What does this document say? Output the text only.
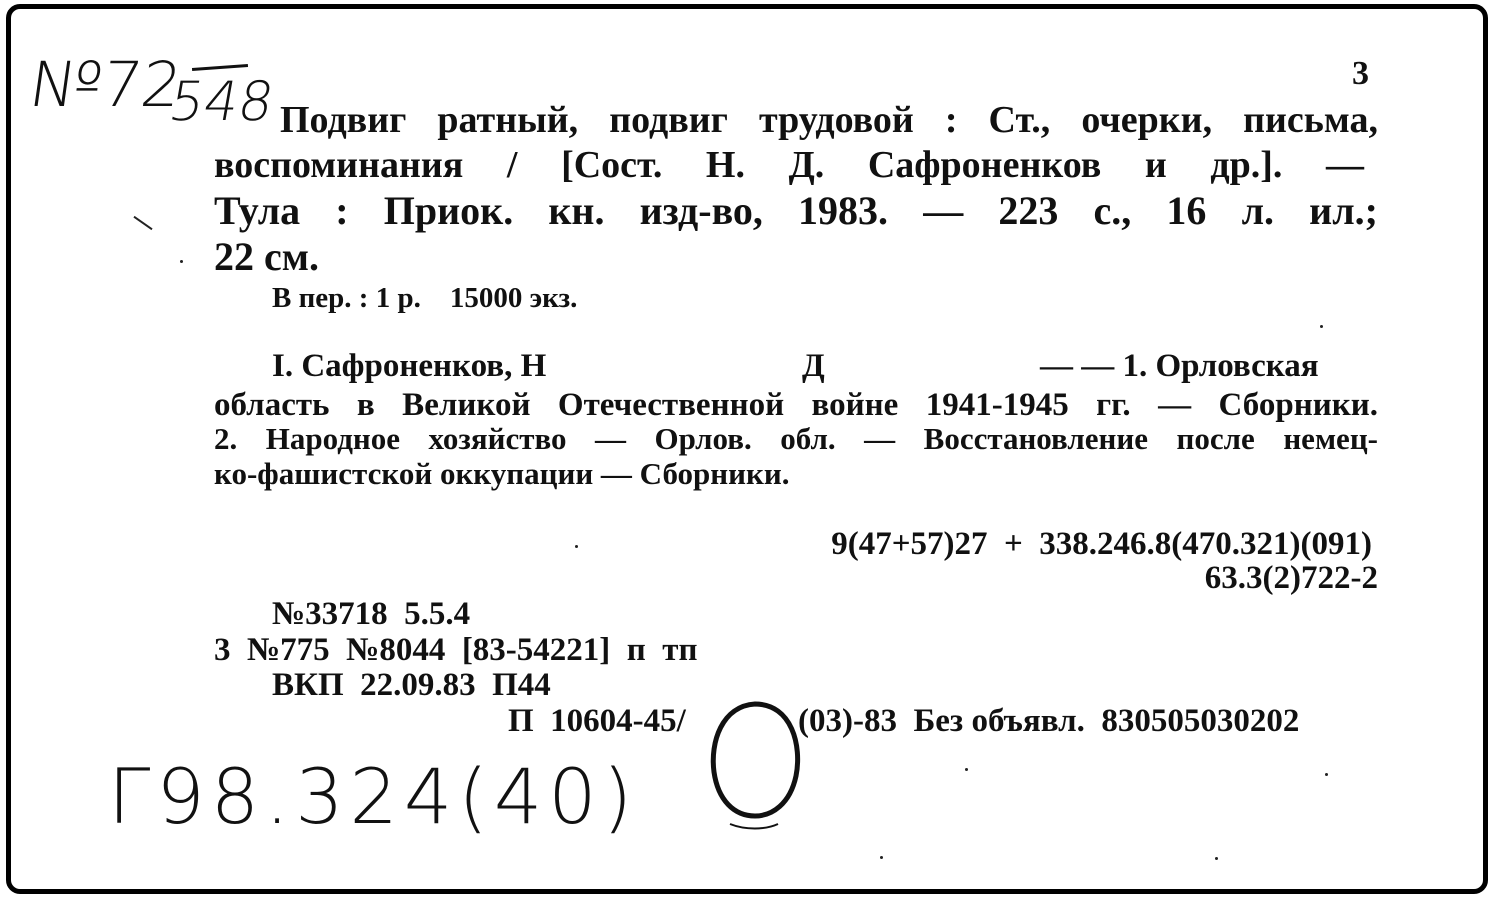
№72
548	3
Подвиг ратный, подвиг трудовой : Ст., очерки, письма,
воспоминания / [Сост. Н. Д. Сафроненков и др.]. —
Тула : Приок. кн. изд-во, 1983. — 223 с., 16 л. ил.;
22 см.
В пер. : 1 р.    15000 экз.
I. Сафроненков, Н	Д	— — 1. Орловская
область в Великой Отечественной войне 1941-1945 гг. — Сборники.
2. Народное хозяйство — Орлов. обл. — Восстановление после немец-
ко-фашистской оккупации — Сборники.
9(47+57)27  +  338.246.8(470.321)(091)
63.3(2)722-2
№33718  5.5.4
3  №775  №8044  [83-54221]  п  тп
ВКП  22.09.83  П44
П  10604-45/	(03)-83  Без объявл.  830505030202
Г98.324(40)
